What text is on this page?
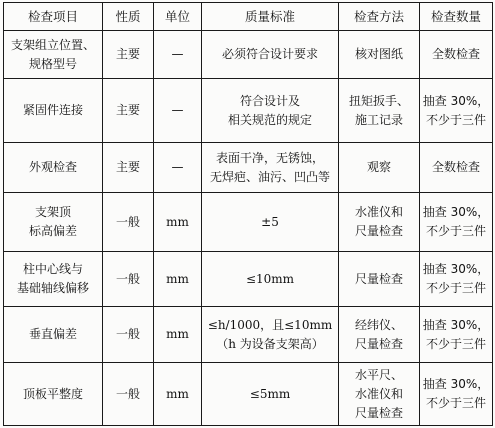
检查项目	性质	单位	质量标准	检查方法	检查数量

支架组立位置、
规格型号	主要	—	必须符合设计要求	核对图纸	全数检查

紧固件连接	主要	—	符合设计及
相关规范的规定	扭矩扳手、
施工记录	抽查 30%，
不少于三件

外观检查	主要	—	表面干净，无锈蚀，
无焊疤、油污、凹凸等	观察	全数检查

支架顶
标高偏差	一般	mm	±5	水准仪和
尺量检查	抽查 30%，
不少于三件

柱中心线与
基础轴线偏移	一般	mm	≤10mm	尺量检查	抽查 30%，
不少于三件

垂直偏差	一般	mm	≤h/1000，且≤10mm
（h 为设备支架高）	经纬仪、
尺量检查	抽查 30%，
不少于三件

顶板平整度	一般	mm	≤5mm	水平尺、
水准仪和
尺量检查	抽查 30%，
不少于三件
